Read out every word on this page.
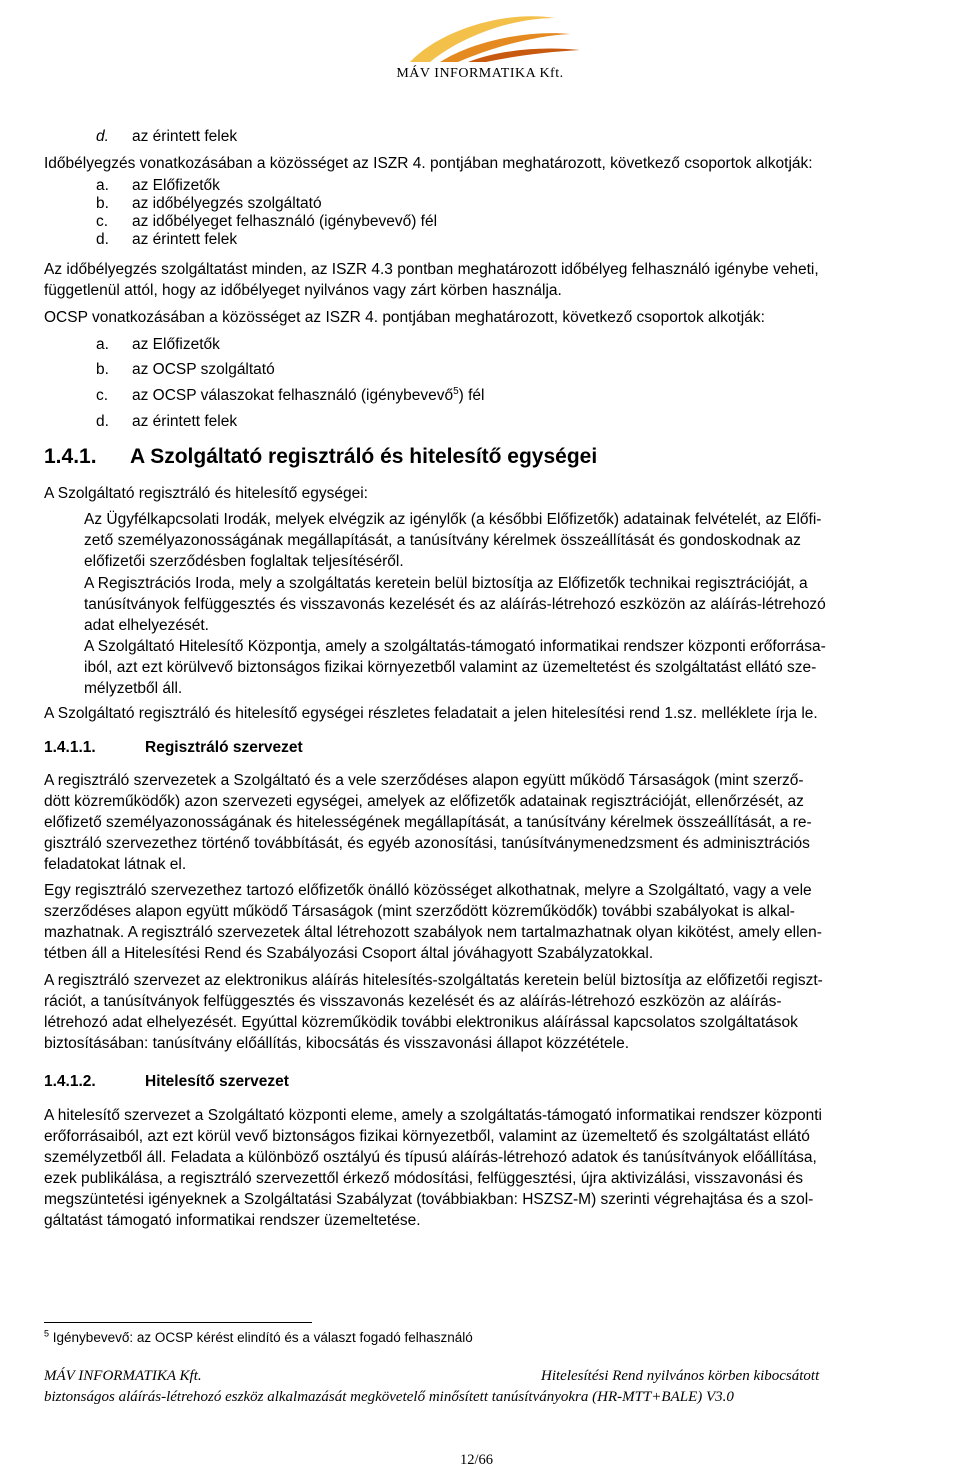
MÁV INFORMATIKA Kft.
d.	az érintett felek
Időbélyegzés vonatkozásában a közösséget az ISZR 4. pontjában meghatározott, következő csoportok alkotják:
a.	az Előfizetők
b.	az időbélyegzés szolgáltató
c.	az időbélyeget felhasználó (igénybevevő) fél
d.	az érintett felek
Az időbélyegzés szolgáltatást minden, az ISZR 4.3 pontban meghatározott időbélyeg felhasználó igénybe veheti,
függetlenül attól, hogy az időbélyeget nyilvános vagy zárt körben használja.
OCSP vonatkozásában a közösséget az ISZR 4. pontjában meghatározott, következő csoportok alkotják:
a.	az Előfizetők
b.	az OCSP szolgáltató
c.	az OCSP válaszokat felhasználó (igénybevevő$^5$) fél
d.	az érintett felek
1.4.1. A Szolgáltató regisztráló és hitelesítő egységei
A Szolgáltató regisztráló és hitelesítő egységei:
Az Ügyfélkapcsolati Irodák, melyek elvégzik az igénylők (a későbbi Előfizetők) adatainak felvételét, az Előfi-
zető személyazonosságának megállapítását, a tanúsítvány kérelmek összeállítását és gondoskodnak az
előfizetői szerződésben foglaltak teljesítéséről.
A Regisztrációs Iroda, mely a szolgáltatás keretein belül biztosítja az Előfizetők technikai regisztrációját, a
tanúsítványok felfüggesztés és visszavonás kezelését és az aláírás-létrehozó eszközön az aláírás-létrehozó
adat elhelyezését.
A Szolgáltató Hitelesítő Központja, amely a szolgáltatás-támogató informatikai rendszer központi erőforrása-
iból, azt ezt körülvevő biztonságos fizikai környezetből valamint az üzemeltetést és szolgáltatást ellátó sze-
mélyzetből áll.
A Szolgáltató regisztráló és hitelesítő egységei részletes feladatait a jelen hitelesítési rend 1.sz. melléklete írja le.
1.4.1.1.	Regisztráló szervezet
A regisztráló szervezetek a Szolgáltató és a vele szerződéses alapon együtt működő Társaságok (mint szerző-
dött közreműködők) azon szervezeti egységei, amelyek az előfizetők adatainak regisztrációját, ellenőrzését, az
előfizető személyazonosságának és hitelességének megállapítását, a tanúsítvány kérelmek összeállítását, a re-
gisztráló szervezethez történő továbbítását, és egyéb azonosítási, tanúsítványmenedzsment és adminisztrációs
feladatokat látnak el.
Egy regisztráló szervezethez tartozó előfizetők önálló közösséget alkothatnak, melyre a Szolgáltató, vagy a vele
szerződéses alapon együtt működő Társaságok (mint szerződött közreműködők) további szabályokat is alkal-
mazhatnak. A regisztráló szervezetek által létrehozott szabályok nem tartalmazhatnak olyan kikötést, amely ellen-
tétben áll a Hitelesítési Rend és Szabályozási Csoport által jóváhagyott Szabályzatokkal.
A regisztráló szervezet az elektronikus aláírás hitelesítés-szolgáltatás keretein belül biztosítja az előfizetői regiszt-
rációt, a tanúsítványok felfüggesztés és visszavonás kezelését és az aláírás-létrehozó eszközön az aláírás-
létrehozó adat elhelyezését. Egyúttal közreműködik további elektronikus aláírással kapcsolatos szolgáltatások
biztosításában: tanúsítvány előállítás, kibocsátás és visszavonási állapot közzététele.
1.4.1.2.	Hitelesítő szervezet
A hitelesítő szervezet a Szolgáltató központi eleme, amely a szolgáltatás-támogató informatikai rendszer központi
erőforrásaiból, azt ezt körül vevő biztonságos fizikai környezetből, valamint az üzemeltető és szolgáltatást ellátó
személyzetből áll. Feladata a különböző osztályú és típusú aláírás-létrehozó adatok és tanúsítványok előállítása,
ezek publikálása, a regisztráló szervezettől érkező módosítási, felfüggesztési, újra aktivizálási, visszavonási és
megszüntetési igényeknek a Szolgáltatási Szabályzat (továbbiakban: HSZSZ-M) szerinti végrehajtása és a szol-
gáltatást támogató informatikai rendszer üzemeltetése.
$^5$ Igénybevevő: az OCSP kérést elindító és a választ fogadó felhasználó
MÁV INFORMATIKA Kft.	Hitelesítési Rend nyilvános körben kibocsátott
biztonságos aláírás-létrehozó eszköz alkalmazását megkövetelő minősített tanúsítványokra (HR-MTT+BALE) V3.0
12/66
